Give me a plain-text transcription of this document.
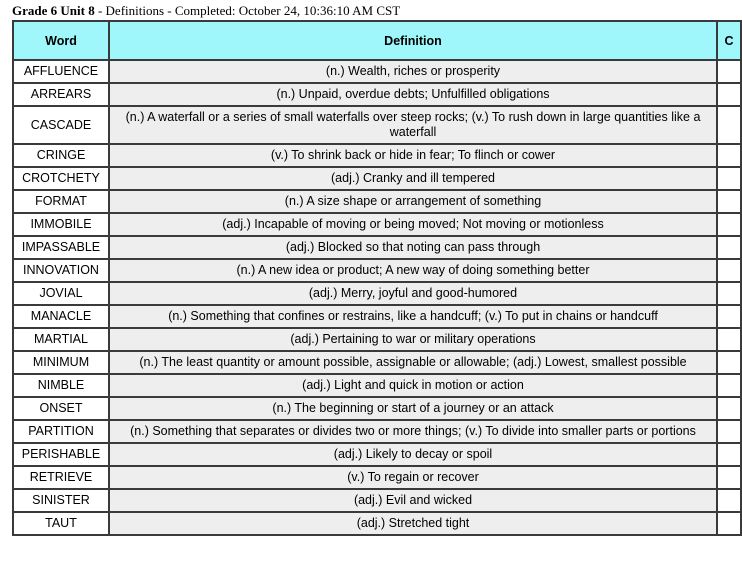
Grade 6 Unit 8 - Definitions - Completed: October 24, 10:36:10 AM CST
Word	Definition	C
AFFLUENCE	(n.) Wealth, riches or prosperity	
ARREARS	(n.) Unpaid, overdue debts; Unfulfilled obligations	
CASCADE	(n.) A waterfall or a series of small waterfalls over steep rocks; (v.) To rush down in large quantities like a waterfall	
CRINGE	(v.) To shrink back or hide in fear; To flinch or cower	
CROTCHETY	(adj.) Cranky and ill tempered	
FORMAT	(n.) A size shape or arrangement of something	
IMMOBILE	(adj.) Incapable of moving or being moved; Not moving or motionless	
IMPASSABLE	(adj.) Blocked so that noting can pass through	
INNOVATION	(n.) A new idea or product; A new way of doing something better	
JOVIAL	(adj.) Merry, joyful and good-humored	
MANACLE	(n.) Something that confines or restrains, like a handcuff; (v.) To put in chains or handcuff	
MARTIAL	(adj.) Pertaining to war or military operations	
MINIMUM	(n.) The least quantity or amount possible, assignable or allowable; (adj.) Lowest, smallest possible	
NIMBLE	(adj.) Light and quick in motion or action	
ONSET	(n.) The beginning or start of a journey or an attack	
PARTITION	(n.) Something that separates or divides two or more things; (v.) To divide into smaller parts or portions	
PERISHABLE	(adj.) Likely to decay or spoil	
RETRIEVE	(v.) To regain or recover	
SINISTER	(adj.) Evil and wicked	
TAUT	(adj.) Stretched tight	
